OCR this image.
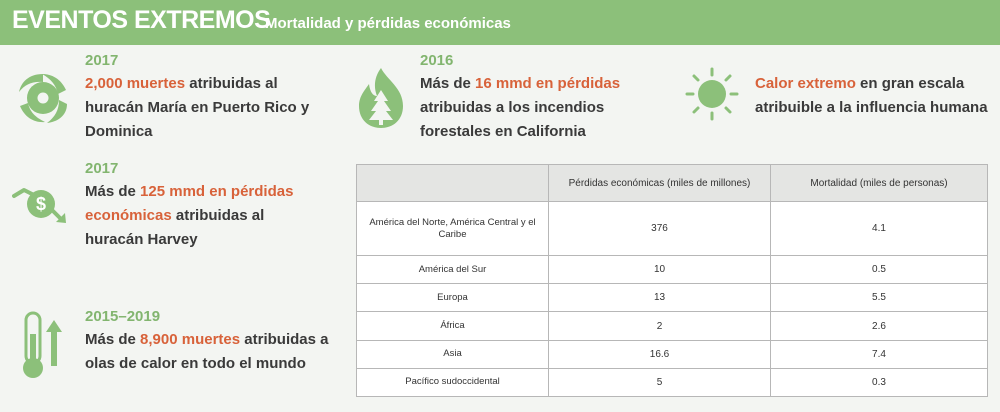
EVENTOS EXTREMOS
Mortalidad y pérdidas económicas
2017
2,000 muertes atribuidas al huracán María en Puerto Rico y Dominica
2016
Más de 16 mmd en pérdidas atribuidas a los incendios forestales en California
Calor extremo en gran escala atribuible a la influencia humana
$
2017
Más de 125 mmd en pérdidas económicas atribuidas al huracán Harvey
2015–2019
Más de 8,900 muertes atribuidas a olas de calor en todo el mundo
	Pérdidas económicas (miles de millones)	Mortalidad (miles de personas)
América del Norte, América Central y el Caribe	376	4.1
América del Sur	10	0.5
Europa	13	5.5
África	2	2.6
Asia	16.6	7.4
Pacífico sudoccidental	5	0.3
